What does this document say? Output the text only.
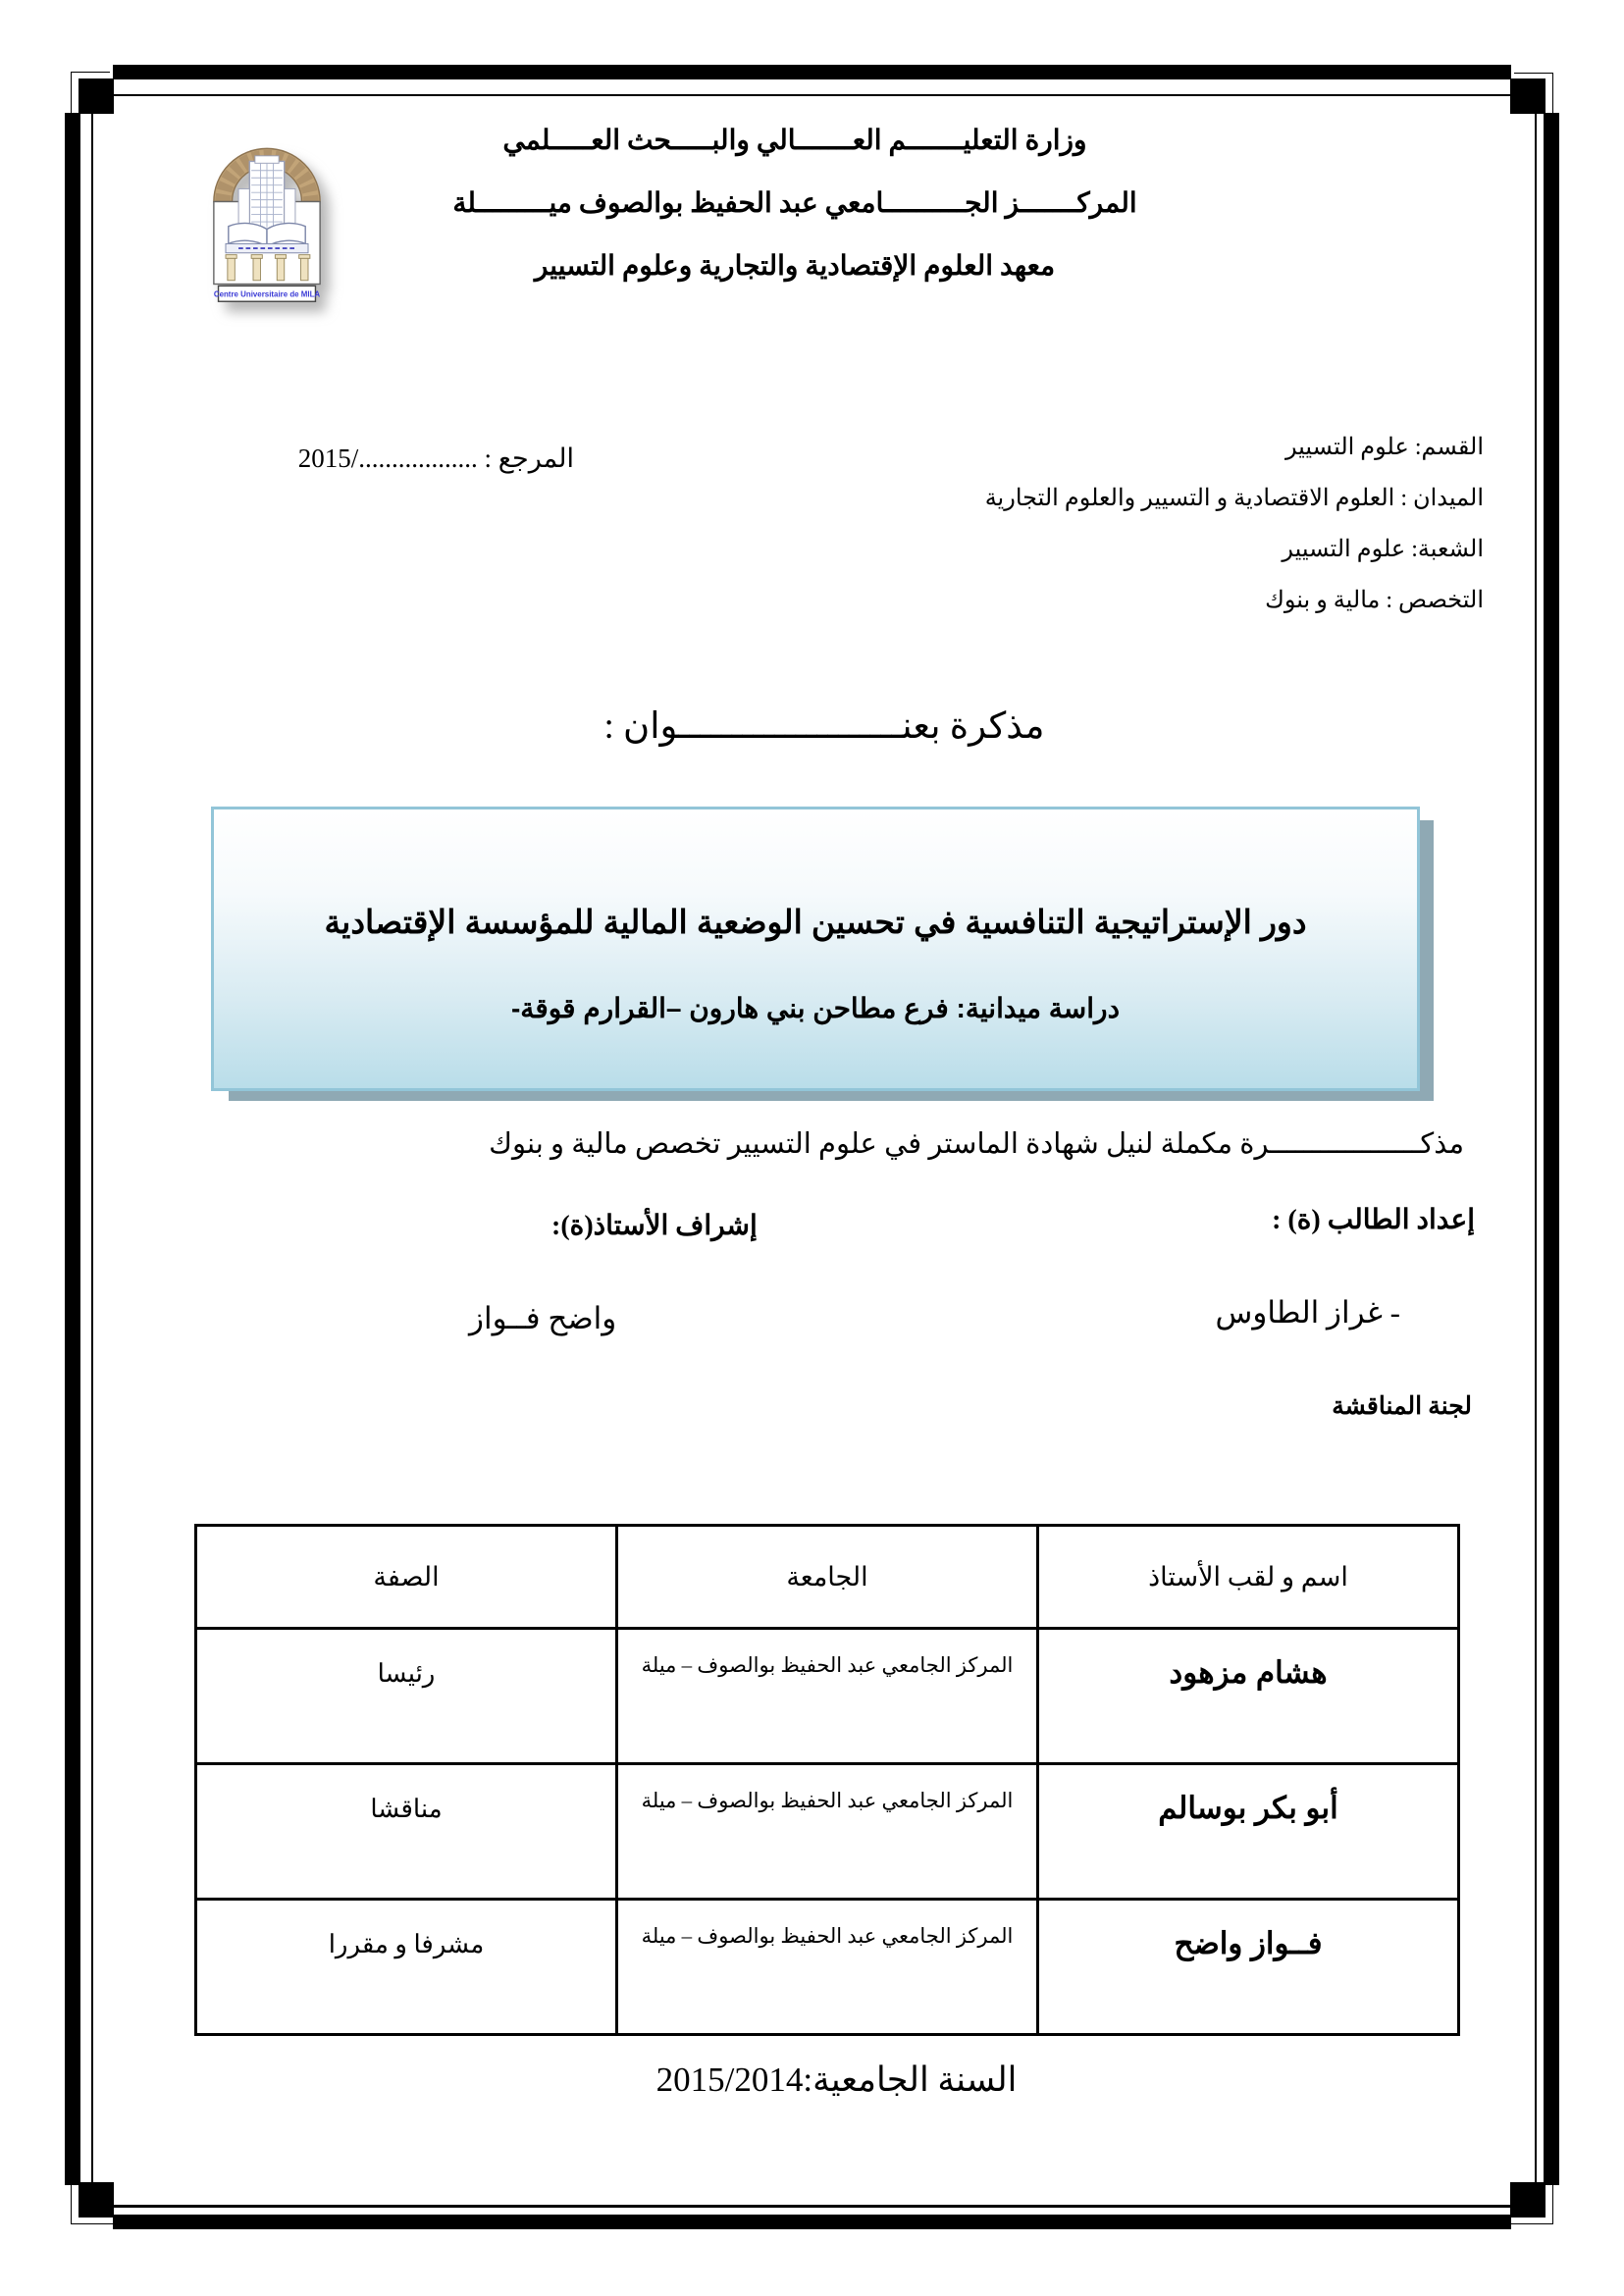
Centre Universitaire de MILA
وزارة التعليـــــــم العـــــــالي والبـــــحث العـــــلمي
المركـــــــز الجــــــــــامعي عبد الحفيظ بوالصوف ميـــــــــلة
معهد العلوم الإقتصادية والتجارية وعلوم التسيير
القسم: علوم التسيير
الميدان : العلوم الاقتصادية و التسيير والعلوم التجارية
الشعبة: علوم التسيير
التخصص : مالية و بنوك
المرجع : ................../2015
مذكرة بعنـــــــــــــــــــــوان :
دور الإستراتيجية التنافسية في تحسين الوضعية المالية للمؤسسة الإقتصادية
دراسة ميدانية: فرع مطاحن بني هارون –القرارم قوقة-
مذكــــــــــــــــــرة مكملة لنيل شهادة الماستر في علوم التسيير تخصص مالية و بنوك
إعداد الطالب (ة) :
إشراف الأستاذ(ة):
- غراز الطاوس
واضح فــواز
لجنة المناقشة
اسم و لقب الأستاذ	الجامعة	الصفة
هشام مزهود	المركز الجامعي عبد الحفيظ بوالصوف – ميلة	رئيسا
أبو بكر بوسالم	المركز الجامعي عبد الحفيظ بوالصوف – ميلة	مناقشا
فــواز واضح	المركز الجامعي عبد الحفيظ بوالصوف – ميلة	مشرفا و مقررا
السنة الجامعية:2015/2014
